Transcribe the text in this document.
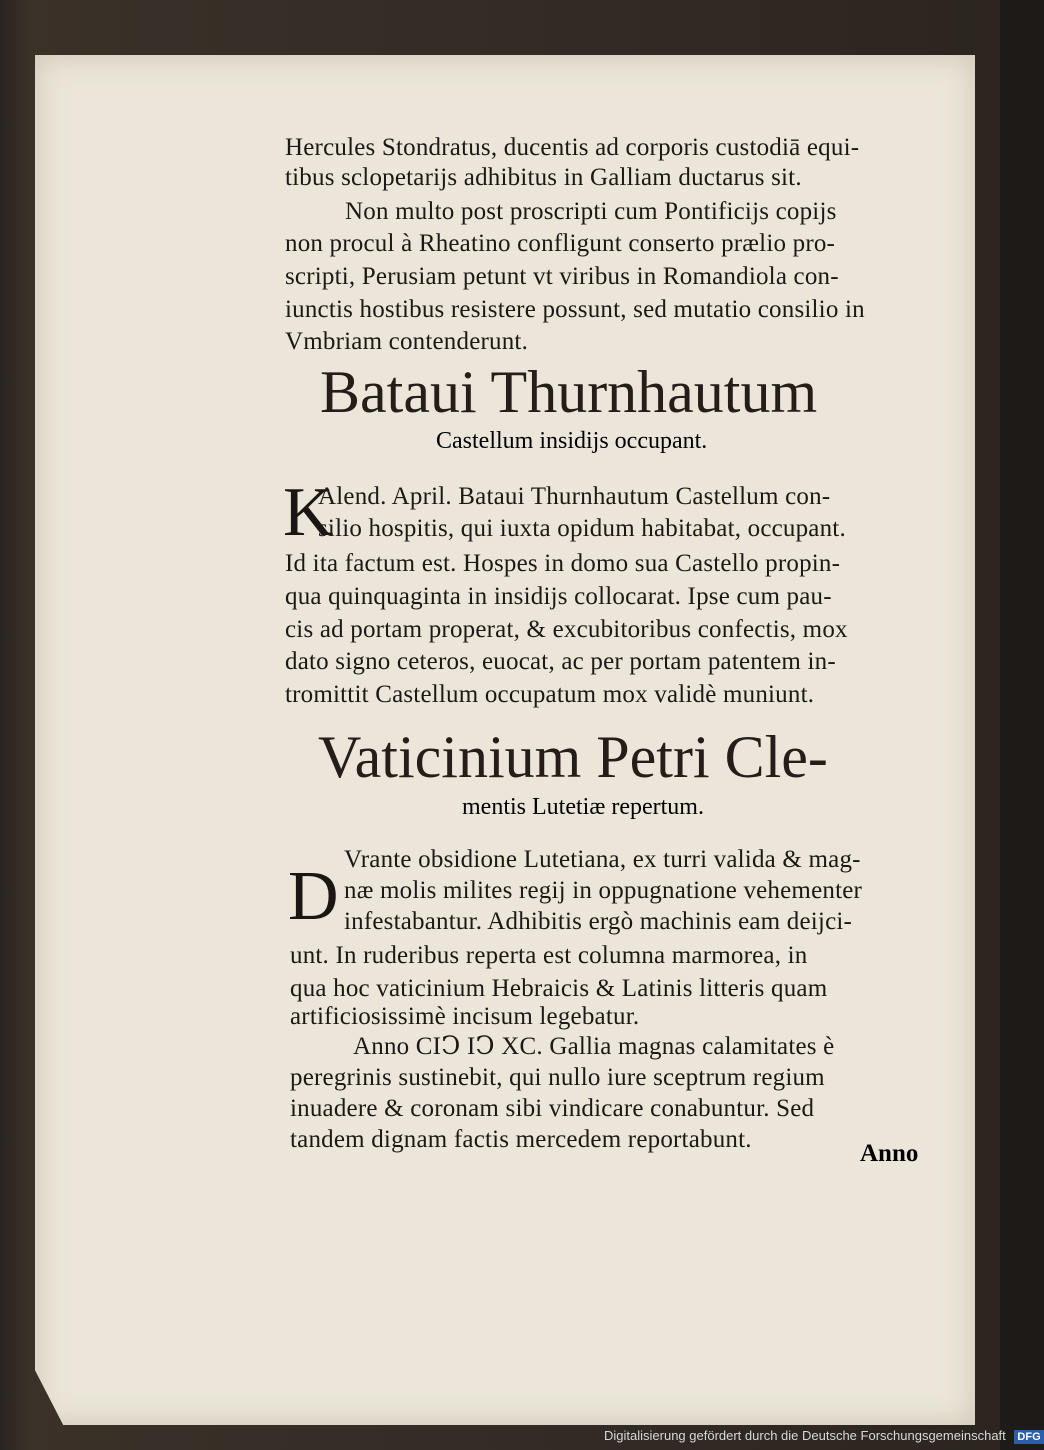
Hercules Stondratus, ducentis ad corporis custodiā equi-
tibus sclopetarijs adhibitus in Galliam ductarus sit.
Non multo post proscripti cum Pontificijs copijs
non procul à Rheatino confligunt conserto prælio pro-
scripti, Perusiam petunt vt viribus in Romandiola con-
iunctis hostibus resistere possunt, sed mutatio consilio in
Vmbriam contenderunt.
Bataui Thurnhautum
Castellum insidijs occupant.
K
Alend. April. Bataui Thurnhautum Castellum con-
silio hospitis, qui iuxta opidum habitabat, occupant.
Id ita factum est. Hospes in domo sua Castello propin-
qua quinquaginta in insidijs collocarat. Ipse cum pau-
cis ad portam properat, & excubitoribus confectis, mox
dato signo ceteros, euocat, ac per portam patentem in-
tromittit Castellum occupatum mox validè muniunt.
Vaticinium Petri Cle-
mentis Lutetiæ repertum.
D Vrante obsidione Lutetiana, ex turri valida & mag-
næ molis milites regij in oppugnatione vehementer
infestabantur. Adhibitis ergò machinis eam deijci-
unt. In ruderibus reperta est columna marmorea, in
qua hoc vaticinium Hebraicis & Latinis litteris quam
artificiosissimè incisum legebatur.
Anno CIↃ IↃ XC. Gallia magnas calamitates è
peregrinis sustinebit, qui nullo iure sceptrum regium
inuadere & coronam sibi vindicare conabuntur. Sed
tandem dignam factis mercedem reportabunt.
Anno
Digitalisierung gefördert durch die Deutsche Forschungsgemeinschaft DFG
